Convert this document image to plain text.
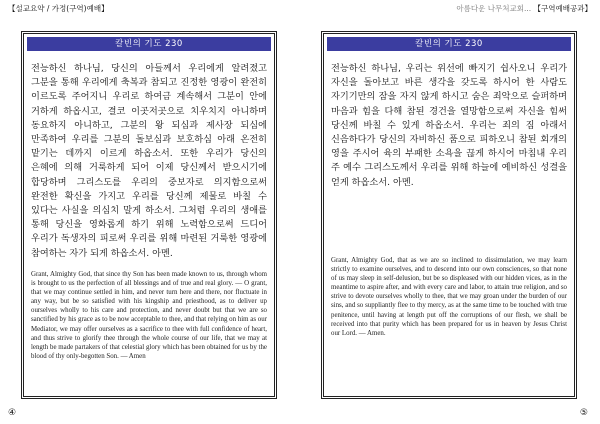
【설교요약 / 가정(구역)예배】
칼빈의 기도 230
전능하신 하나님, 당신의 아들께서 우리에게 알려졌고 그분을 통해 우리에게 축복과 참되고 진정한 영광이 완전히 이르도록 주어지니 우리로 하여금 계속해서 그분이 안에 거하게 하옵시고, 결코 이곳저곳으로 치우치지 아니하며 동요하지 아니하고, 그분의 왕 되심과 제사장 되심에 만족하여 우리를 그분의 돌보심과 보호하심 아래 온전히 맡기는 데까지 이르게 하옵소서. 또한 우리가 당신의 은혜에 의해 거룩하게 되어 이제 당신께서 받으시기에 합당하며 그리스도를 우리의 중보자로 의지함으로써 완전한 확신을 가지고 우리를 당신께 제물로 바칠 수 있다는 사실을 의심치 말게 하소서. 그처럼 우리의 생애를 통해 당신을 영화롭게 하기 위해 노력함으로써 드디어 우리가 독생자의 피로써 우리를 위해 마련된 거룩한 영광에 참여하는 자가 되게 하옵소서. 아멘.
Grant, Almighty God, that since thy Son has been made known to us, through whom is brought to us the perfection of all blessings and of true and real glory. — O grant, that we may continue settled in him, and never turn here and there, nor fluctuate in any way, but be so satisfied with his kingship and priesthood, as to deliver up ourselves wholly to his care and protection, and never doubt but that we are so sanctified by his grace as to be now acceptable to thee, and that relying on him as our Mediator, we may offer ourselves as a sacrifice to thee with full confidence of heart, and thus strive to glorify thee through the whole course of our life, that we may at length be made partakers of that celestial glory which has been obtained for us by the blood of thy only-begotten Son. — Amen
④
아름다운 나무처교회... 【구역예배공과】
칼빈의 기도 230
전능하신 하나님, 우리는 위선에 빠지기 쉽사오니 우리가 자신을 돌아보고 바른 생각을 갖도록 하시어 한 사람도 자기기만의 잠을 자지 않게 하시고 숨은 죄악으로 슬퍼하며 마음과 힘을 다해 참된 경건을 열망함으로써 자신을 힘써 당신께 바칠 수 있게 하옵소서. 우리는 죄의 짐 아래서 신음하다가 당신의 자비하신 품으로 피하오니 참된 회개의 영을 주시어 육의 부패한 소욕을 끊게 하시어 마침내 우리 주 예수 그리스도께서 우리를 위해 하늘에 예비하신 성결을 얻게 하옵소서. 아멘.
Grant, Almighty God, that as we are so inclined to dissimulation, we may learn strictly to examine ourselves, and to descend into our own consciences, so that none of us may sleep in self-delusion, but be so displeased with our hidden vices, as in the meantime to aspire after, and with every care and labor, to attain true religion, and so strive to devote ourselves wholly to thee, that we may groan under the burden of our sins, and so suppliantly flee to thy mercy, as at the same time to be touched with true penitence, until having at length put off the corruptions of our flesh, we shall be received into that purity which has been prepared for us in heaven by Jesus Christ our Lord. — Amen.
⑤
